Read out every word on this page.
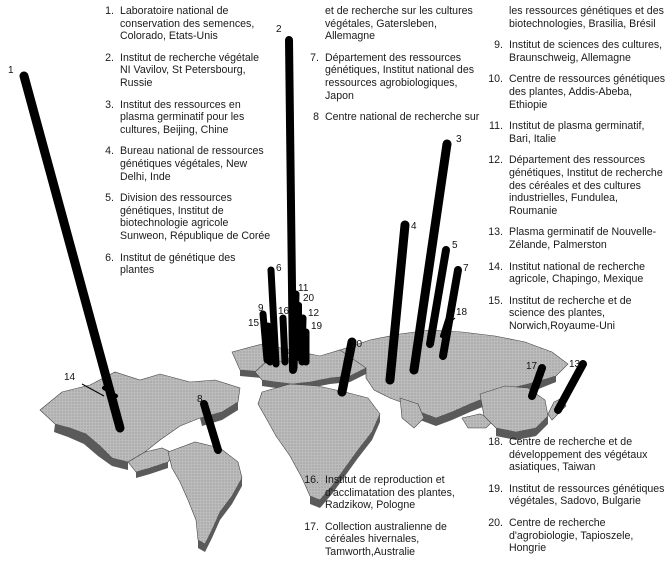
1
2
3
4
5
6	7
8
9
10
11
12
13
14
15
16
17
18
19
20
1. Laboratoire national de conservation des semences, Colorado, Etats-Unis
2. Institut de recherche végétale NI Vavilov, St Petersbourg, Russie
3. Institut des ressources en plasma germinatif pour les cultures, Beijing, Chine
4. Bureau national de ressources génétiques végétales, New Delhi, Inde
5. Division des ressources génétiques, Institut de biotechnologie agricole Sunweon, République de Corée
6. Institut de génétique des plantes
et de recherche sur les cultures végétales, Gatersleben, Allemagne
7. Département des ressources génétiques, Institut national des ressources agrobiologiques, Japon
8 Centre national de recherche sur
les ressources génétiques et des biotechnologies, Brasilia, Brésil
9. Institut de sciences des cultures, Braunschweig, Allemagne
10. Centre de ressources génétiques des plantes, Addis-Abeba, Ethiopie
11. Institut de plasma germinatif, Bari, Italie
12. Département des ressources génétiques, Institut de recherche des céréales et des cultures industrielles, Fundulea, Roumanie
13. Plasma germinatif de Nouvelle-Zélande, Palmerston
14. Institut national de recherche agricole, Chapingo, Mexique
15. Institut de recherche et de science des plantes, Norwich,Royaume-Uni
16. Institut de reproduction et d'acclimatation des plantes, Radzikow, Pologne
17. Collection australienne de céréales hivernales, Tamworth,Australie
18. Centre de recherche et de développement des végétaux asiatiques, Taiwan
19. Institut de ressources génétiques végétales, Sadovo, Bulgarie
20. Centre de recherche d'agrobiologie, Tapioszele, Hongrie
